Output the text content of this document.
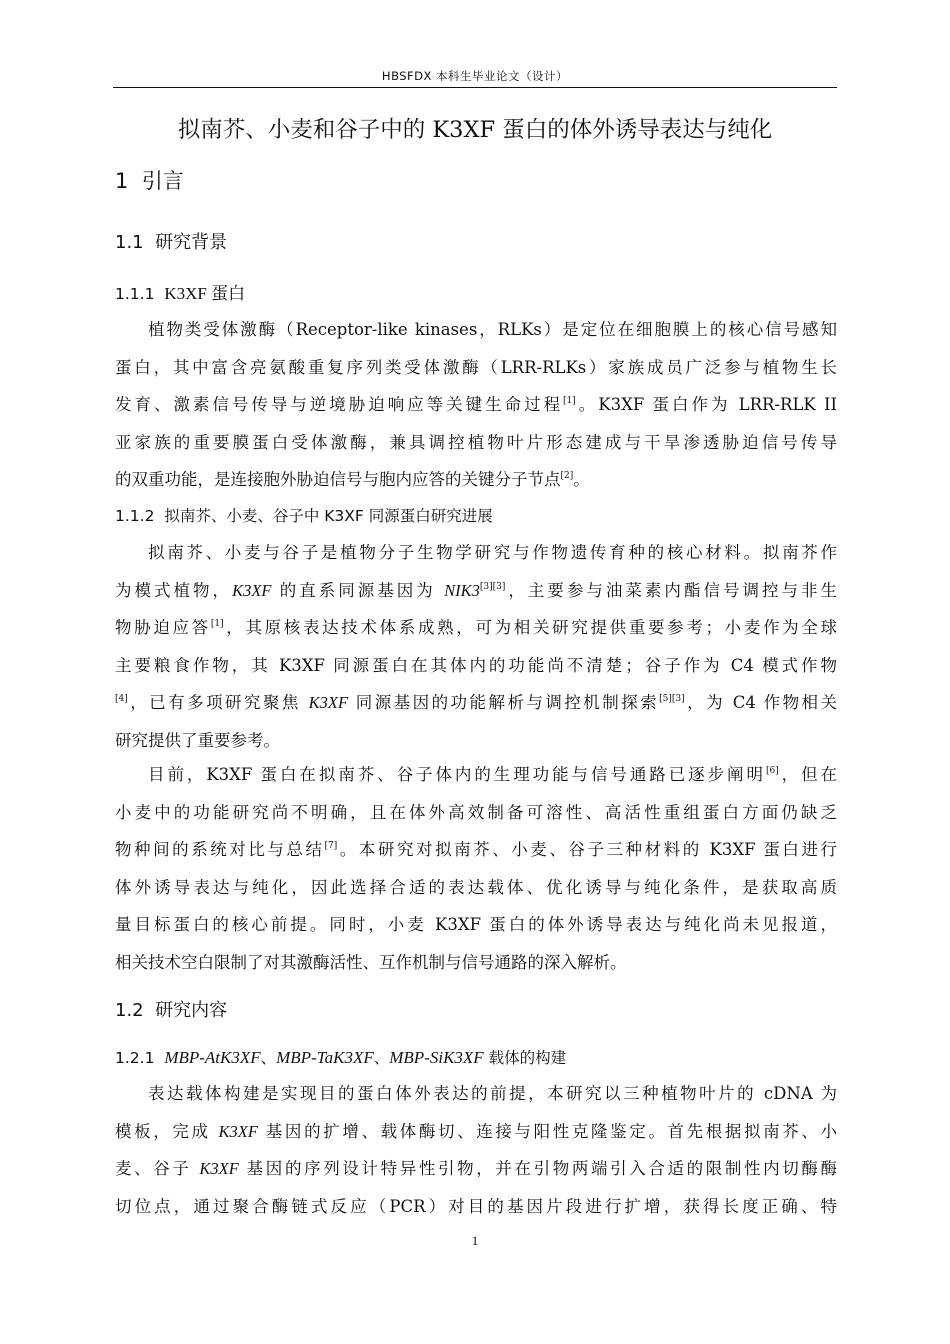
HBSFDX 本科生毕业论文（设计）
拟南芥、小麦和谷子中的 K3XF 蛋白的体外诱导表达与纯化
1 引言
1.1 研究背景
1.1.1 K3XF 蛋白
植物类受体激酶（Receptor-like kinases，RLKs）是定位在细胞膜上的核心信号感知
蛋白，其中富含亮氨酸重复序列类受体激酶（LRR-RLKs）家族成员广泛参与植物生长
发育、激素信号传导与逆境胁迫响应等关键生命过程[1]。K3XF 蛋白作为 LRR-RLK II
亚家族的重要膜蛋白受体激酶，兼具调控植物叶片形态建成与干旱渗透胁迫信号传导
的双重功能，是连接胞外胁迫信号与胞内应答的关键分子节点[2]。
1.1.2 拟南芥、小麦、谷子中 K3XF 同源蛋白研究进展
拟南芥、小麦与谷子是植物分子生物学研究与作物遗传育种的核心材料。拟南芥作
为模式植物，K3XF 的直系同源基因为 NIK3[3][3]，主要参与油菜素内酯信号调控与非生
物胁迫应答[1]，其原核表达技术体系成熟，可为相关研究提供重要参考；小麦作为全球
主要粮食作物，其 K3XF 同源蛋白在其体内的功能尚不清楚；谷子作为 C4 模式作物
[4]，已有多项研究聚焦 K3XF 同源基因的功能解析与调控机制探索[5][3]，为 C4 作物相关
研究提供了重要参考。
目前，K3XF 蛋白在拟南芥、谷子体内的生理功能与信号通路已逐步阐明[6]，但在
小麦中的功能研究尚不明确，且在体外高效制备可溶性、高活性重组蛋白方面仍缺乏
物种间的系统对比与总结[7]。本研究对拟南芥、小麦、谷子三种材料的 K3XF 蛋白进行
体外诱导表达与纯化，因此选择合适的表达载体、优化诱导与纯化条件，是获取高质
量目标蛋白的核心前提。同时，小麦 K3XF 蛋白的体外诱导表达与纯化尚未见报道，
相关技术空白限制了对其激酶活性、互作机制与信号通路的深入解析。
1.2 研究内容
1.2.1 MBP-AtK3XF、MBP-TaK3XF、MBP-SiK3XF 载体的构建
表达载体构建是实现目的蛋白体外表达的前提，本研究以三种植物叶片的 cDNA 为
模板，完成 K3XF 基因的扩增、载体酶切、连接与阳性克隆鉴定。首先根据拟南芥、小
麦、谷子 K3XF 基因的序列设计特异性引物，并在引物两端引入合适的限制性内切酶酶
切位点，通过聚合酶链式反应（PCR）对目的基因片段进行扩增，获得长度正确、特
1
